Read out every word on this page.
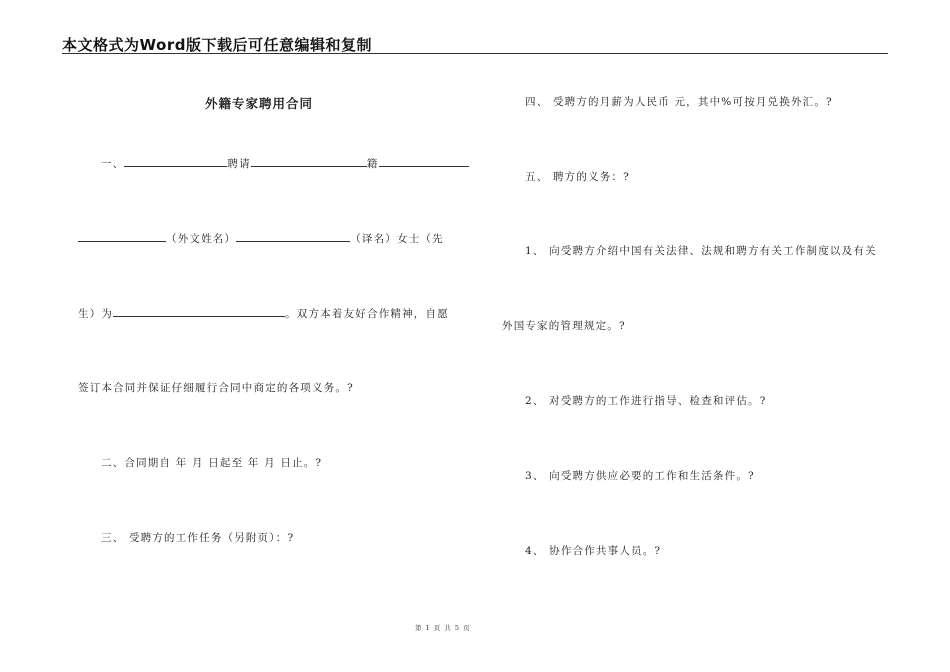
本文格式为Word版下载后可任意编辑和复制
外籍专家聘用合同
一、	聘请	籍
（外文姓名）	（译名）女士（先
生）为	。双方本着友好合作精神，自愿
签订本合同并保证仔细履行合同中商定的各项义务。?
二、合同期自 年 月 日起至 年 月 日止。?
三、 受聘方的工作任务（另附页）：?
四、 受聘方的月薪为人民币 元，其中%可按月兑换外汇。?
五、 聘方的义务：?
1、 向受聘方介绍中国有关法律、法规和聘方有关工作制度以及有关
外国专家的管理规定。?
2、 对受聘方的工作进行指导、检查和评估。?
3、 向受聘方供应必要的工作和生活条件。?
4、 协作合作共事人员。?
第 1 页 共 5 页
